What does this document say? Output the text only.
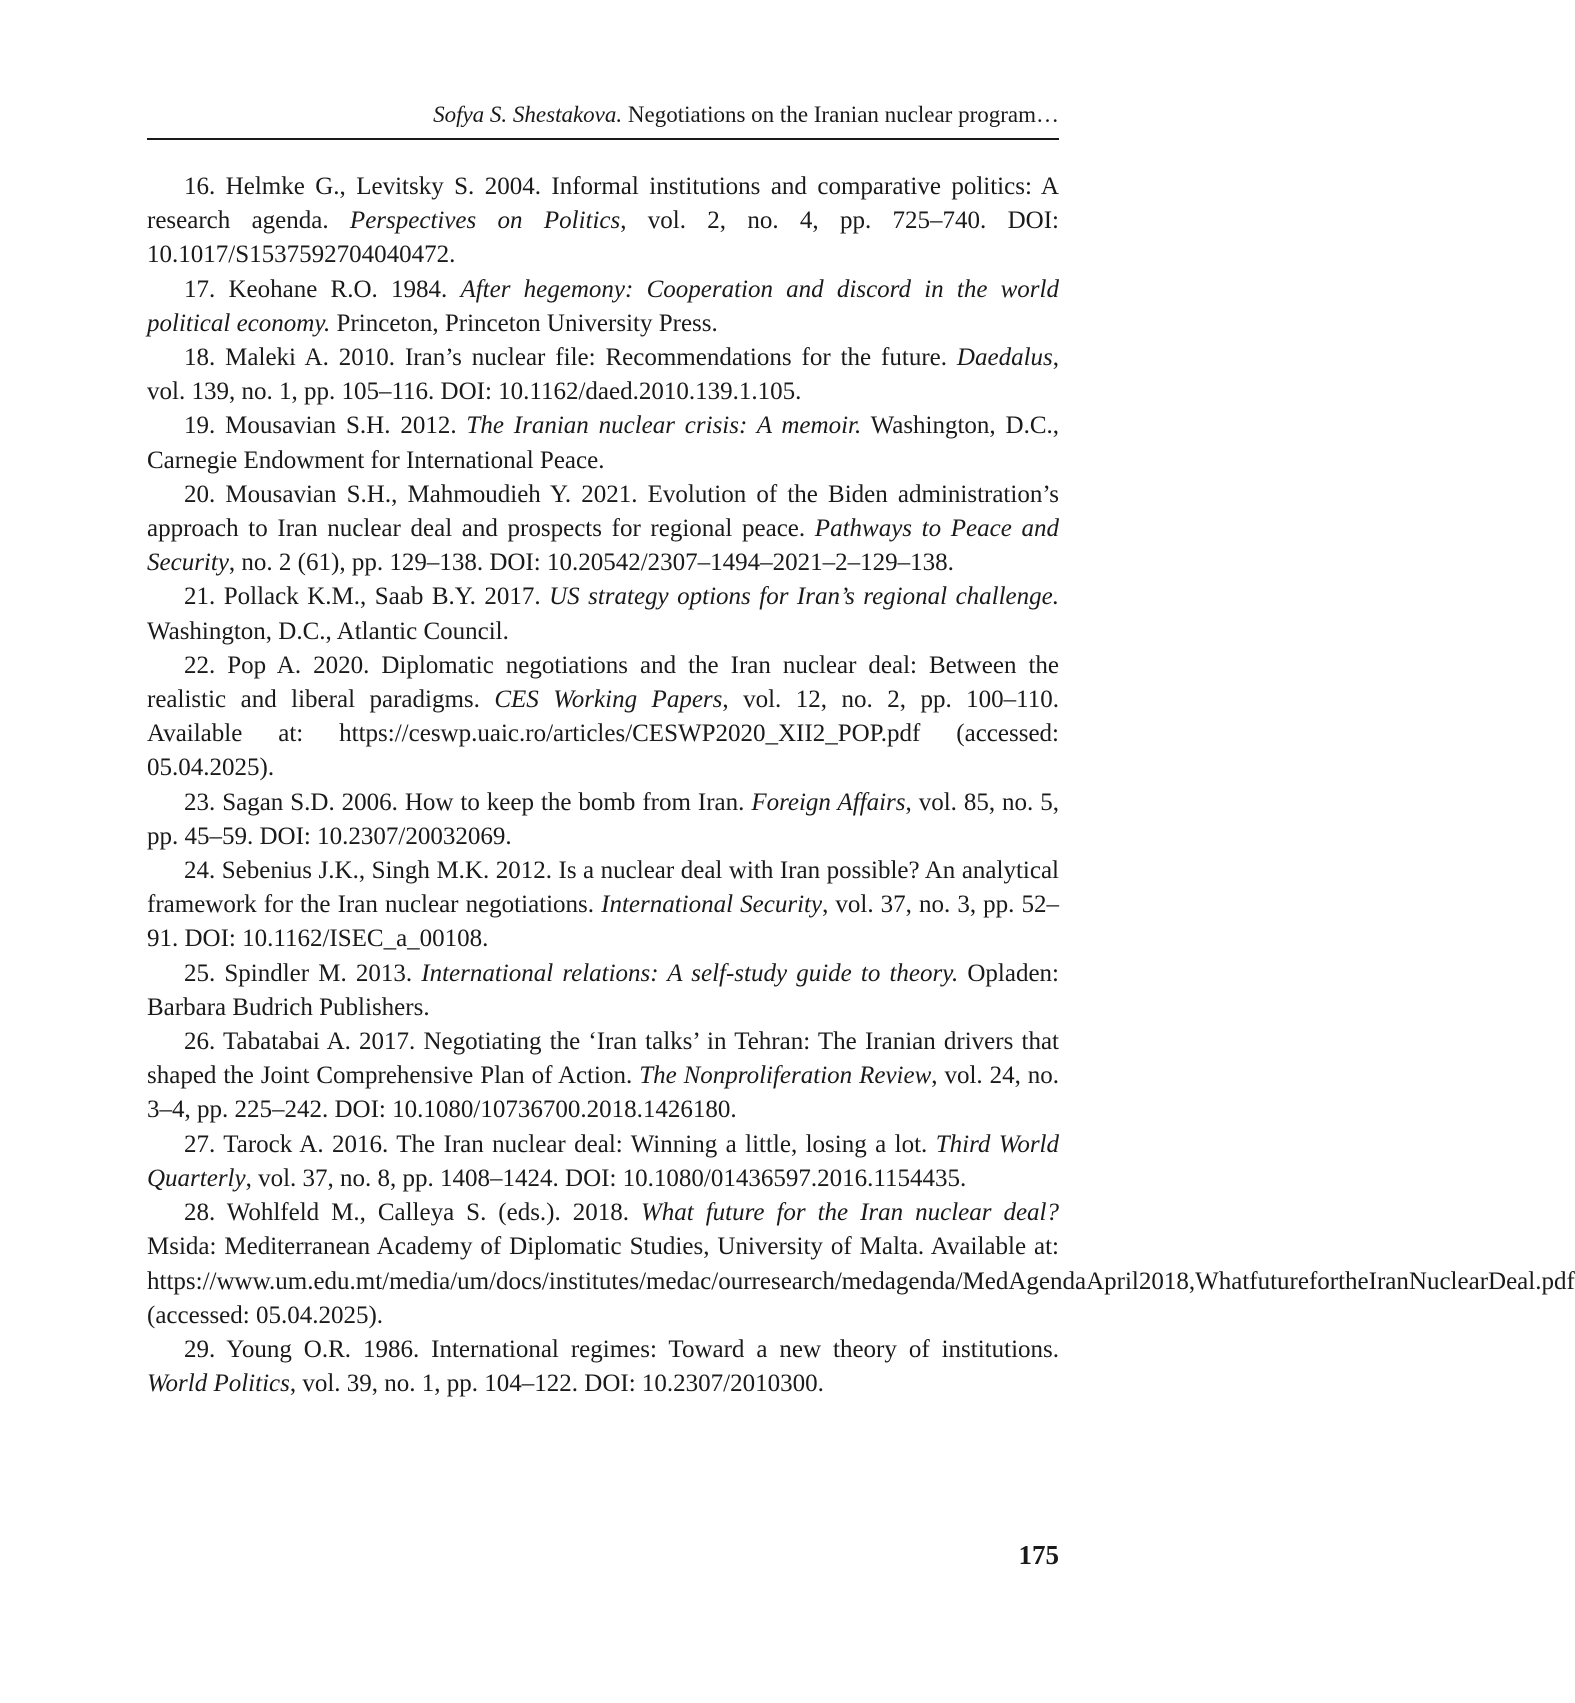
Sofya S. Shestakova. Negotiations on the Iranian nuclear program…

16. Helmke G., Levitsky S. 2004. Informal institutions and comparative politics: A research agenda. Perspectives on Politics, vol. 2, no. 4, pp. 725–740. DOI: 10.1017/S1537592704040472.

17. Keohane R.O. 1984. After hegemony: Cooperation and discord in the world political economy. Princeton, Princeton University Press.

18. Maleki A. 2010. Iran’s nuclear file: Recommendations for the future. Daedalus, vol. 139, no. 1, pp. 105–116. DOI: 10.1162/daed.2010.139.1.105.

19. Mousavian S.H. 2012. The Iranian nuclear crisis: A memoir. Washington, D.C., Carnegie Endowment for International Peace.

20. Mousavian S.H., Mahmoudieh Y. 2021. Evolution of the Biden administration’s approach to Iran nuclear deal and prospects for regional peace. Pathways to Peace and Security, no. 2 (61), pp. 129–138. DOI: 10.20542/2307–1494–2021–2–129–138.

21. Pollack K.M., Saab B.Y. 2017. US strategy options for Iran’s regional challenge. Washington, D.C., Atlantic Council.

22. Pop A. 2020. Diplomatic negotiations and the Iran nuclear deal: Between the realistic and liberal paradigms. CES Working Papers, vol. 12, no. 2, pp. 100–110. Available at: https://ceswp.uaic.ro/articles/CESWP2020_XII2_POP.pdf (accessed: 05.04.2025).

23. Sagan S.D. 2006. How to keep the bomb from Iran. Foreign Affairs, vol. 85, no. 5, pp. 45–59. DOI: 10.2307/20032069.

24. Sebenius J.K., Singh M.K. 2012. Is a nuclear deal with Iran possible? An analytical framework for the Iran nuclear negotiations. International Security, vol. 37, no. 3, pp. 52–91. DOI: 10.1162/ISEC_a_00108.

25. Spindler M. 2013. International relations: A self-study guide to theory. Opladen: Barbara Budrich Publishers.

26. Tabatabai A. 2017. Negotiating the ‘Iran talks’ in Tehran: The Iranian drivers that shaped the Joint Comprehensive Plan of Action. The Nonproliferation Review, vol. 24, no. 3–4, pp. 225–242. DOI: 10.1080/10736700.2018.1426180.

27. Tarock A. 2016. The Iran nuclear deal: Winning a little, losing a lot. Third World Quarterly, vol. 37, no. 8, pp. 1408–1424. DOI: 10.1080/01436597.2016.1154435.

28. Wohlfeld M., Calleya S. (eds.). 2018. What future for the Iran nuclear deal? Msida: Mediterranean Academy of Diplomatic Studies, University of Malta. Available at: https://www.um.edu.mt/media/um/docs/institutes/medac/ourresearch/medagenda/MedAgendaApril2018,WhatfuturefortheIranNuclearDeal.pdf (accessed: 05.04.2025).

29. Young O.R. 1986. International regimes: Toward a new theory of institutions. World Politics, vol. 39, no. 1, pp. 104–122. DOI: 10.2307/2010300.

175
